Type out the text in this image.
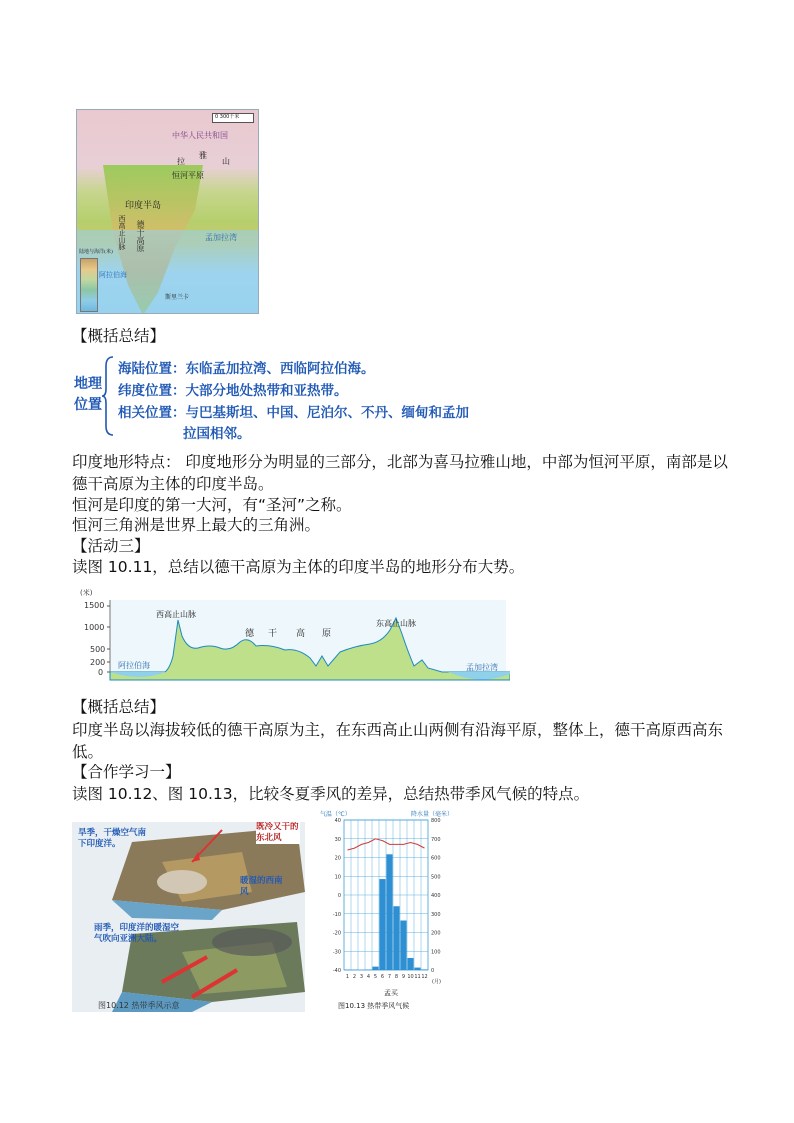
0 300千米
中华人民共和国
拉
雅
山
恒河平原
印度半岛
孟加拉湾
德干高原
西高止山脉
阿拉伯海
斯里兰卡
陆地与海洋(米)
【概括总结】
地理位置
海陆位置：东临孟加拉湾、西临阿拉伯海。
纬度位置：大部分地处热带和亚热带。
相关位置：与巴基斯坦、中国、尼泊尔、不丹、缅甸和孟加
拉国相邻。
印度地形特点： 印度地形分为明显的三部分，北部为喜马拉雅山地，中部为恒河平原，南部是以德干高原为主体的印度半岛。
恒河是印度的第一大河，有“圣河”之称。
恒河三角洲是世界上最大的三角洲。
【活动三】
读图 10.11，总结以德干高原为主体的印度半岛的地形分布大势。
(米)
1500
1000
500
200
0
西高止山脉
德 干 高 原
东高止山脉
阿拉伯海	孟加拉湾
【概括总结】
印度半岛以海拔较低的德干高原为主，在东西高止山两侧有沿海平原，整体上，德干高原西高东低。
【合作学习一】
读图 10.12、图 10.13，比较冬夏季风的差异，总结热带季风气候的特点。
旱季，干燥空气南下印度洋。
既冷又干的东北风
暖湿的西南风
雨季，印度洋的暖湿空气吹向亚洲大陆。
图10.12 热带季风示意
气温（℃）	降水量（毫米）
40
30
20
10
0
-10
-20
-30
-40
800
700
600
500
400
300
200
100
0
1 2 3 4 5 6 7 8 9 10 11 12
孟买
(月)
图10.13 热带季风气候
